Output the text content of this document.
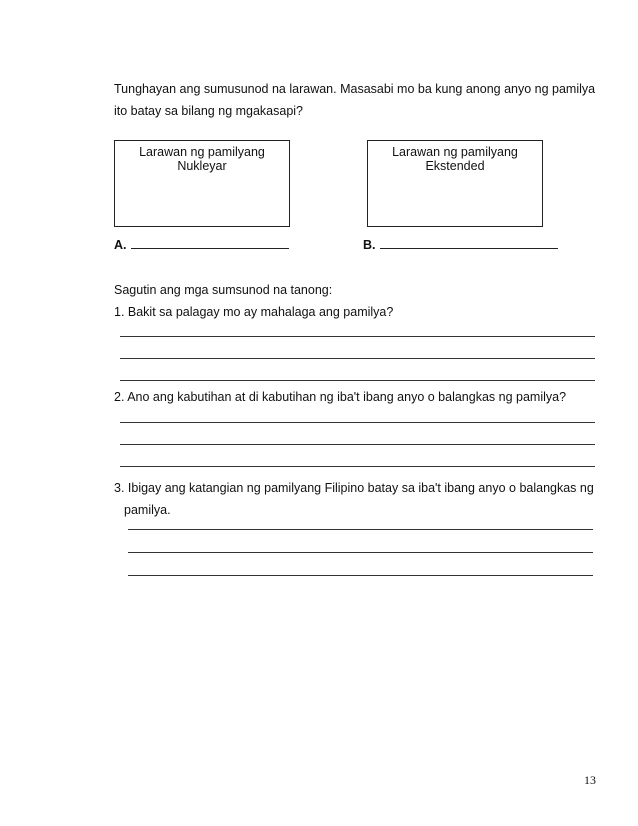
Tunghayan ang sumusunod na larawan. Masasabi mo ba kung anong anyo ng pamilya
ito batay sa bilang ng mgakasapi?
Larawan ng pamilyang
Nukleyar
Larawan ng pamilyang
Ekstended
A.	B.
Sagutin ang mga sumsunod na tanong:
1. Bakit sa palagay mo ay mahalaga ang pamilya?
2. Ano ang kabutihan at di kabutihan ng iba't ibang anyo o balangkas ng pamilya?
3. Ibigay ang katangian ng pamilyang Filipino batay sa iba't ibang anyo o balangkas ng
pamilya.
13
